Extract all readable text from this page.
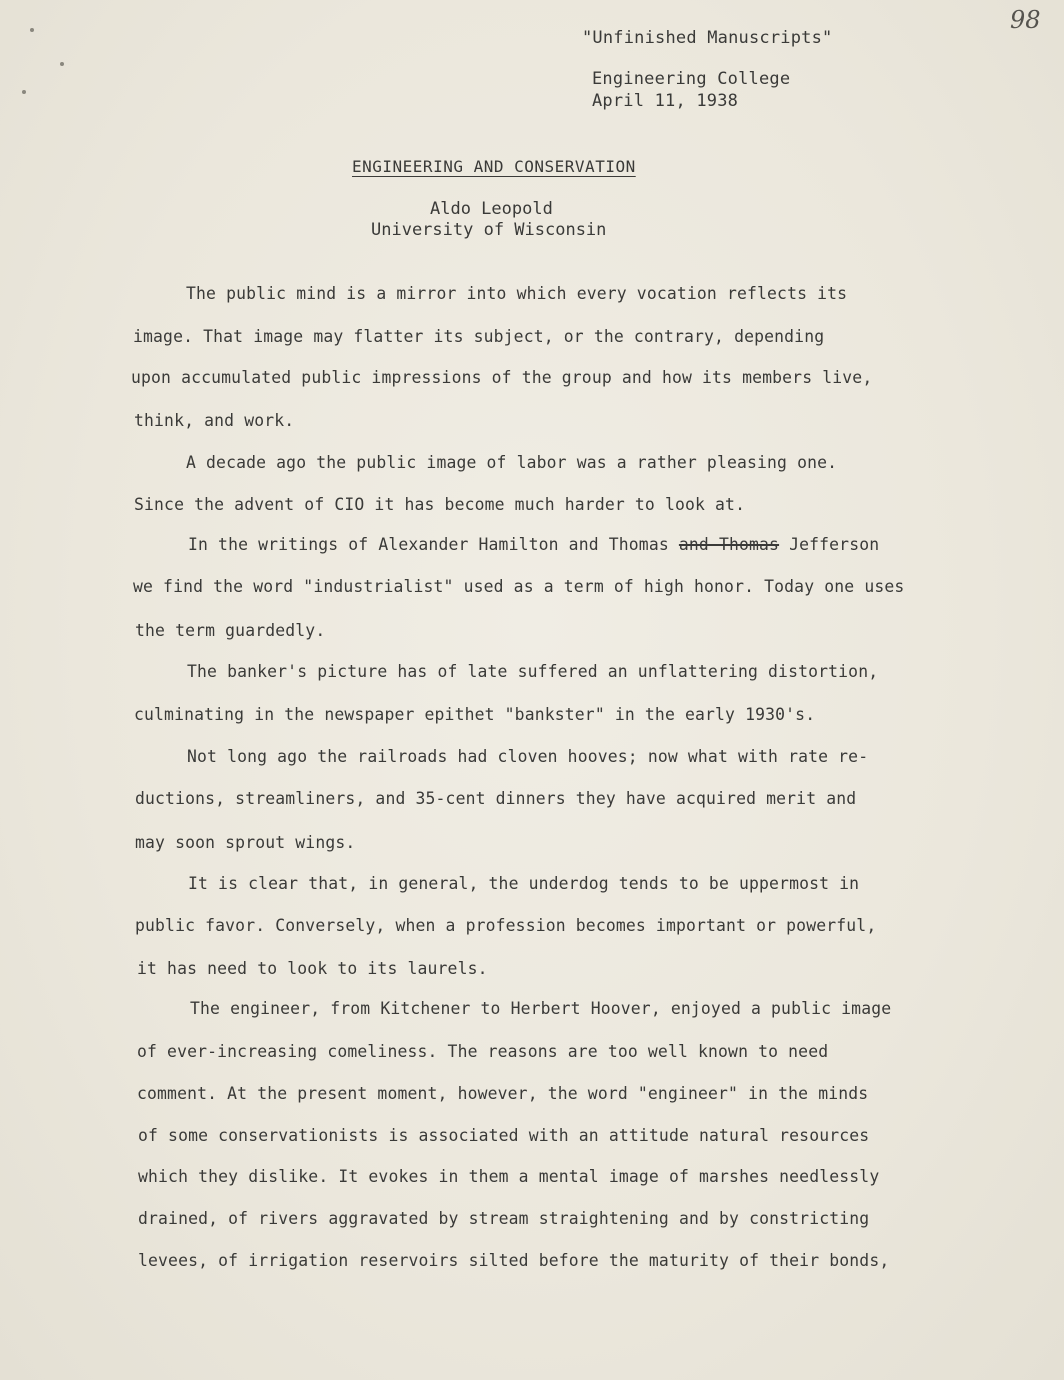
98
"Unfinished Manuscripts"
Engineering College
April 11, 1938
ENGINEERING AND CONSERVATION
Aldo Leopold
University of Wisconsin
The public mind is a mirror into which every vocation reflects its
image. That image may flatter its subject, or the contrary, depending
upon accumulated public impressions of the group and how its members live,
think, and work.
A decade ago the public image of labor was a rather pleasing one.
Since the advent of CIO it has become much harder to look at.
In the writings of Alexander Hamilton and Thomas and Thomas Jefferson
we find the word "industrialist" used as a term of high honor. Today one uses
the term guardedly.
The banker's picture has of late suffered an unflattering distortion,
culminating in the newspaper epithet "bankster" in the early 1930's.
Not long ago the railroads had cloven hooves; now what with rate re-
ductions, streamliners, and 35-cent dinners they have acquired merit and
may soon sprout wings.
It is clear that, in general, the underdog tends to be uppermost in
public favor. Conversely, when a profession becomes important or powerful,
it has need to look to its laurels.
The engineer, from Kitchener to Herbert Hoover, enjoyed a public image
of ever-increasing comeliness. The reasons are too well known to need
comment. At the present moment, however, the word "engineer" in the minds
of some conservationists is associated with an attitude natural resources
which they dislike. It evokes in them a mental image of marshes needlessly
drained, of rivers aggravated by stream straightening and by constricting
levees, of irrigation reservoirs silted before the maturity of their bonds,
